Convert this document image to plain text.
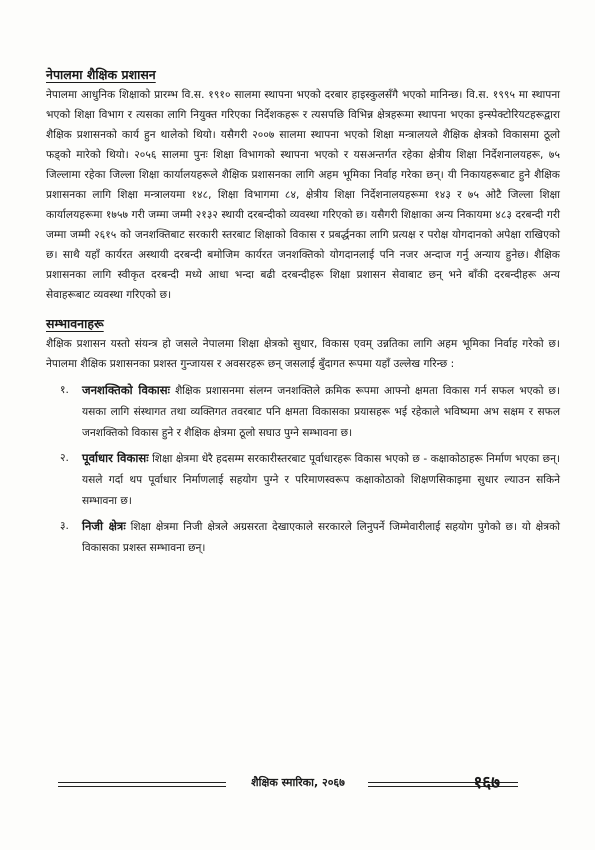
नेपालमा शैक्षिक प्रशासन

नेपालमा आधुनिक शिक्षाको प्रारम्भ वि.स. १९१० सालमा स्थापना भएको दरबार हाइस्कुलसँगै भएको मानिन्छ। वि.स. १९९५ मा स्थापना भएको शिक्षा विभाग र त्यसका लागि नियुक्त गरिएका निर्देशकहरू र त्यसपछि विभिन्न क्षेत्रहरूमा स्थापना भएका इन्स्पेक्टोरियटहरूद्वारा शैक्षिक प्रशासनको कार्य हुन थालेको थियो। यसैगरी २००७ सालमा स्थापना भएको शिक्षा मन्त्रालयले शैक्षिक क्षेत्रको विकासमा ठूलो फड्को मारेको थियो। २०५६ सालमा पुनः शिक्षा विभागको स्थापना भएको र यसअन्तर्गत रहेका क्षेत्रीय शिक्षा निर्देशनालयहरू, ७५ जिल्लामा रहेका जिल्ला शिक्षा कार्यालयहरूले शैक्षिक प्रशासनका लागि अहम भूमिका निर्वाह गरेका छन्। यी निकायहरूबाट हुने शैक्षिक प्रशासनका लागि शिक्षा मन्त्रालयमा १४८, शिक्षा विभागमा ८४, क्षेत्रीय शिक्षा निर्देशनालयहरूमा १४३ र ७५ ओटै जिल्ला शिक्षा कार्यालयहरूमा १७५७ गरी जम्मा जम्मी २१३२ स्थायी दरबन्दीको व्यवस्था गरिएको छ। यसैगरी शिक्षाका अन्य निकायमा ४८३ दरबन्दी गरी जम्मा जम्मी २६१५ को जनशक्तिबाट सरकारी स्तरबाट शिक्षाको विकास र प्रबर्द्धनका लागि प्रत्यक्ष र परोक्ष योगदानको अपेक्षा राखिएको छ। साथै यहाँ कार्यरत अस्थायी दरबन्दी बमोजिम कार्यरत जनशक्तिको योगदानलाई पनि नजर अन्दाज गर्नु अन्याय हुनेछ। शैक्षिक प्रशासनका लागि स्वीकृत दरबन्दी मध्ये आधा भन्दा बढी दरबन्दीहरू शिक्षा प्रशासन सेवाबाट छन् भने बाँकी दरबन्दीहरू अन्य सेवाहरूबाट व्यवस्था गरिएको छ।

सम्भावनाहरू

शैक्षिक प्रशासन यस्तो संयन्त्र हो जसले नेपालमा शिक्षा क्षेत्रको सुधार, विकास एवम् उन्नतिका लागि अहम भूमिका निर्वाह गरेको छ। नेपालमा शैक्षिक प्रशासनका प्रशस्त गुन्जायस र अवसरहरू छन् जसलाई बुँदागत रूपमा यहाँ उल्लेख गरिन्छ :

१. जनशक्तिको विकासः शैक्षिक प्रशासनमा संलग्न जनशक्तिले क्रमिक रूपमा आफ्नो क्षमता विकास गर्न सफल भएको छ। यसका लागि संस्थागत तथा व्यक्तिगत तवरबाट पनि क्षमता विकासका प्रयासहरू भई रहेकाले भविष्यमा अभ सक्षम र सफल जनशक्तिको विकास हुने र शैक्षिक क्षेत्रमा ठूलो सघाउ पुग्ने सम्भावना छ।
२. पूर्वाधार विकासः शिक्षा क्षेत्रमा धेरै हदसम्म सरकारीस्तरबाट पूर्वाधारहरू विकास भएको छ - कक्षाकोठाहरू निर्माण भएका छन्। यसले गर्दा थप पूर्वाधार निर्माणलाई सहयोग पुग्ने र परिमाणस्वरूप कक्षाकोठाको शिक्षणसिकाइमा सुधार ल्याउन सकिने सम्भावना छ।
३. निजी क्षेत्रः शिक्षा क्षेत्रमा निजी क्षेत्रले अग्रसरता देखाएकाले सरकारले लिनुपर्ने जिम्मेवारीलाई सहयोग पुगेको छ। यो क्षेत्रको विकासका प्रशस्त सम्भावना छन्।
शैक्षिक स्मारिका, २०६७	१६७
